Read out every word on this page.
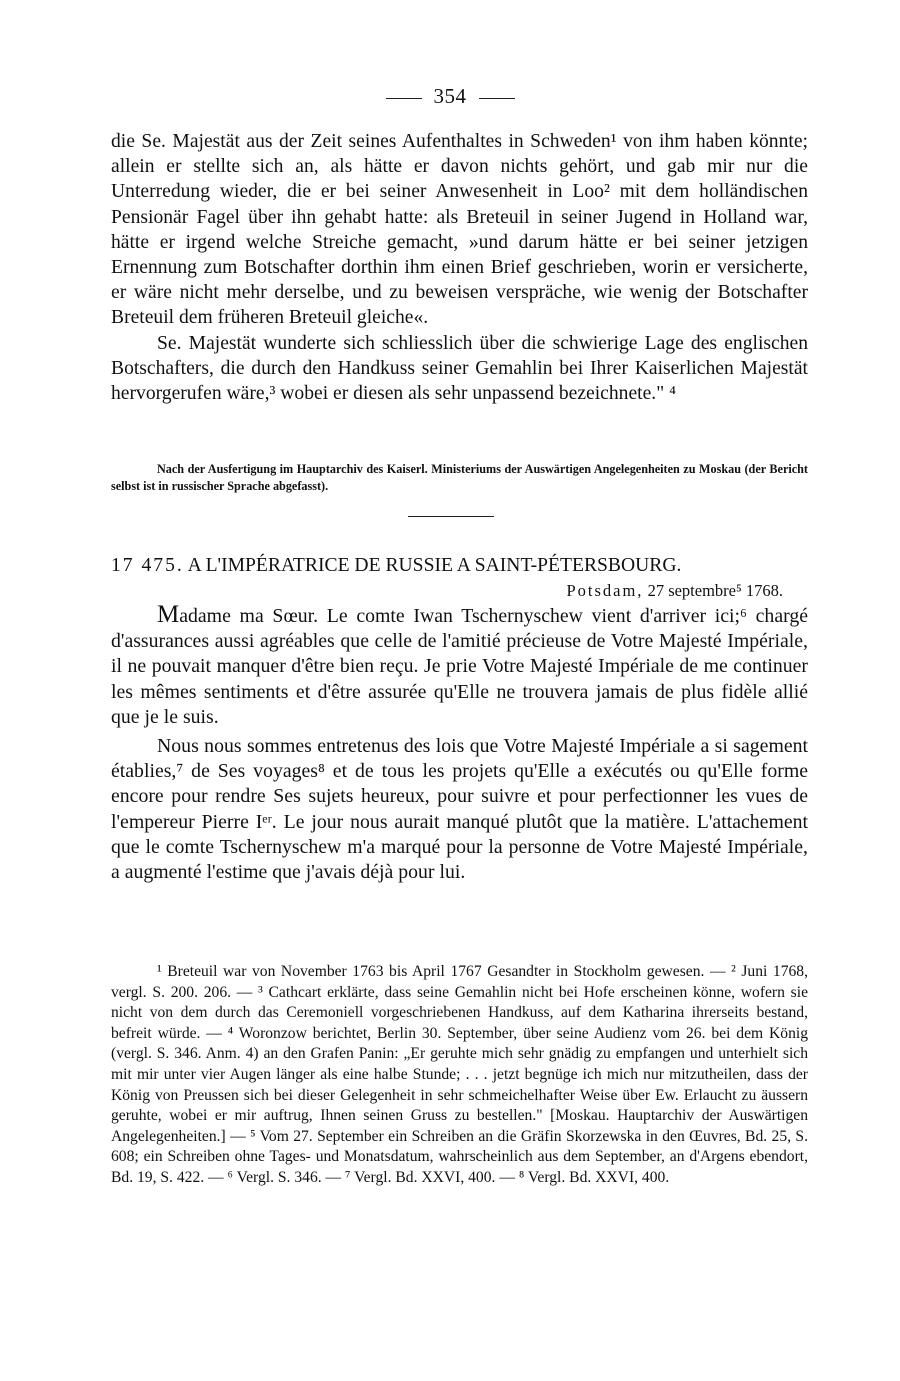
354

die Se. Majestät aus der Zeit seines Aufenthaltes in Schweden¹ von ihm haben könnte; allein er stellte sich an, als hätte er davon nichts gehört, und gab mir nur die Unterredung wieder, die er bei seiner Anwesenheit in Loo² mit dem holländischen Pensionär Fagel über ihn gehabt hatte: als Breteuil in seiner Jugend in Holland war, hätte er irgend welche Streiche gemacht, »und darum hätte er bei seiner jetzigen Ernennung zum Botschafter dorthin ihm einen Brief geschrieben, worin er versicherte, er wäre nicht mehr derselbe, und zu beweisen verspräche, wie wenig der Botschafter Breteuil dem früheren Breteuil gleiche«.

Se. Majestät wunderte sich schliesslich über die schwierige Lage des englischen Botschafters, die durch den Handkuss seiner Gemahlin bei Ihrer Kaiserlichen Majestät hervorgerufen wäre,³ wobei er diesen als sehr unpassend bezeichnete." ⁴

Nach der Ausfertigung im Hauptarchiv des Kaiserl. Ministeriums der Auswärtigen Angelegenheiten zu Moskau (der Bericht selbst ist in russischer Sprache abgefasst).
17 475. A L'IMPÉRATRICE DE RUSSIE A SAINT-PÉTERSBOURG.
Potsdam, 27 septembre⁵ 1768.

Madame ma Sœur. Le comte Iwan Tschernyschew vient d'arriver ici;⁶ chargé d'assurances aussi agréables que celle de l'amitié précieuse de Votre Majesté Impériale, il ne pouvait manquer d'être bien reçu. Je prie Votre Majesté Impériale de me continuer les mêmes sentiments et d'être assurée qu'Elle ne trouvera jamais de plus fidèle allié que je le suis.

Nous nous sommes entretenus des lois que Votre Majesté Impériale a si sagement établies,⁷ de Ses voyages⁸ et de tous les projets qu'Elle a exécutés ou qu'Elle forme encore pour rendre Ses sujets heureux, pour suivre et pour perfectionner les vues de l'empereur Pierre Iᵉʳ. Le jour nous aurait manqué plutôt que la matière. L'attachement que le comte Tschernyschew m'a marqué pour la personne de Votre Majesté Impériale, a augmenté l'estime que j'avais déjà pour lui.

¹ Breteuil war von November 1763 bis April 1767 Gesandter in Stockholm gewesen. — ² Juni 1768, vergl. S. 200. 206. — ³ Cathcart erklärte, dass seine Gemahlin nicht bei Hofe erscheinen könne, wofern sie nicht von dem durch das Ceremoniell vorgeschriebenen Handkuss, auf dem Katharina ihrerseits bestand, befreit würde. — ⁴ Woronzow berichtet, Berlin 30. September, über seine Audienz vom 26. bei dem König (vergl. S. 346. Anm. 4) an den Grafen Panin: „Er geruhte mich sehr gnädig zu empfangen und unterhielt sich mit mir unter vier Augen länger als eine halbe Stunde; . . . jetzt begnüge ich mich nur mitzutheilen, dass der König von Preussen sich bei dieser Gelegenheit in sehr schmeichelhafter Weise über Ew. Erlaucht zu äussern geruhte, wobei er mir auftrug, Ihnen seinen Gruss zu bestellen." [Moskau. Hauptarchiv der Auswärtigen Angelegenheiten.] — ⁵ Vom 27. September ein Schreiben an die Gräfin Skorzewska in den Œuvres, Bd. 25, S. 608; ein Schreiben ohne Tages- und Monatsdatum, wahrscheinlich aus dem September, an d'Argens ebendort, Bd. 19, S. 422. — ⁶ Vergl. S. 346. — ⁷ Vergl. Bd. XXVI, 400. — ⁸ Vergl. Bd. XXVI, 400.
